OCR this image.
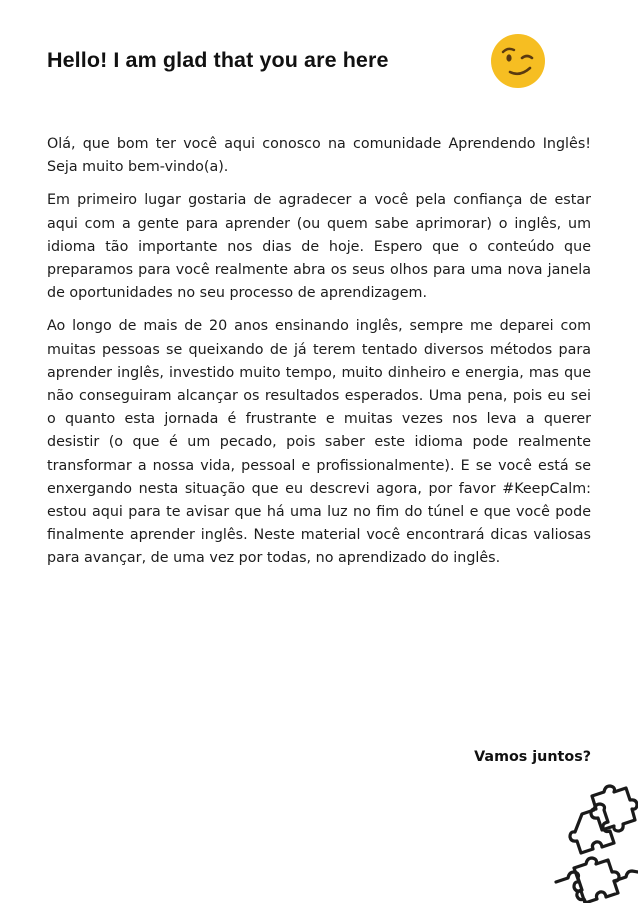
Hello! I am glad that you are here

Olá, que bom ter você aqui conosco na comunidade Aprendendo Inglês! Seja muito bem-vindo(a).

Em primeiro lugar gostaria de agradecer a você pela confiança de estar aqui com a gente para aprender (ou quem sabe aprimorar) o inglês, um idioma tão importante nos dias de hoje. Espero que o conteúdo que preparamos para você realmente abra os seus olhos para uma nova janela de oportunidades no seu processo de aprendizagem.

Ao longo de mais de 20 anos ensinando inglês, sempre me deparei com muitas pessoas se queixando de já terem tentado diversos métodos para aprender inglês, investido muito tempo, muito dinheiro e energia, mas que não conseguiram alcançar os resultados esperados. Uma pena, pois eu sei o quanto esta jornada é frustrante e muitas vezes nos leva a querer desistir (o que é um pecado, pois saber este idioma pode realmente transformar a nossa vida, pessoal e profissionalmente). E se você está se enxergando nesta situação que eu descrevi agora, por favor #KeepCalm: estou aqui para te avisar que há uma luz no fim do túnel e que você pode finalmente aprender inglês. Neste material você encontrará dicas valiosas para avançar, de uma vez por todas, no aprendizado do inglês.

Vamos juntos?
